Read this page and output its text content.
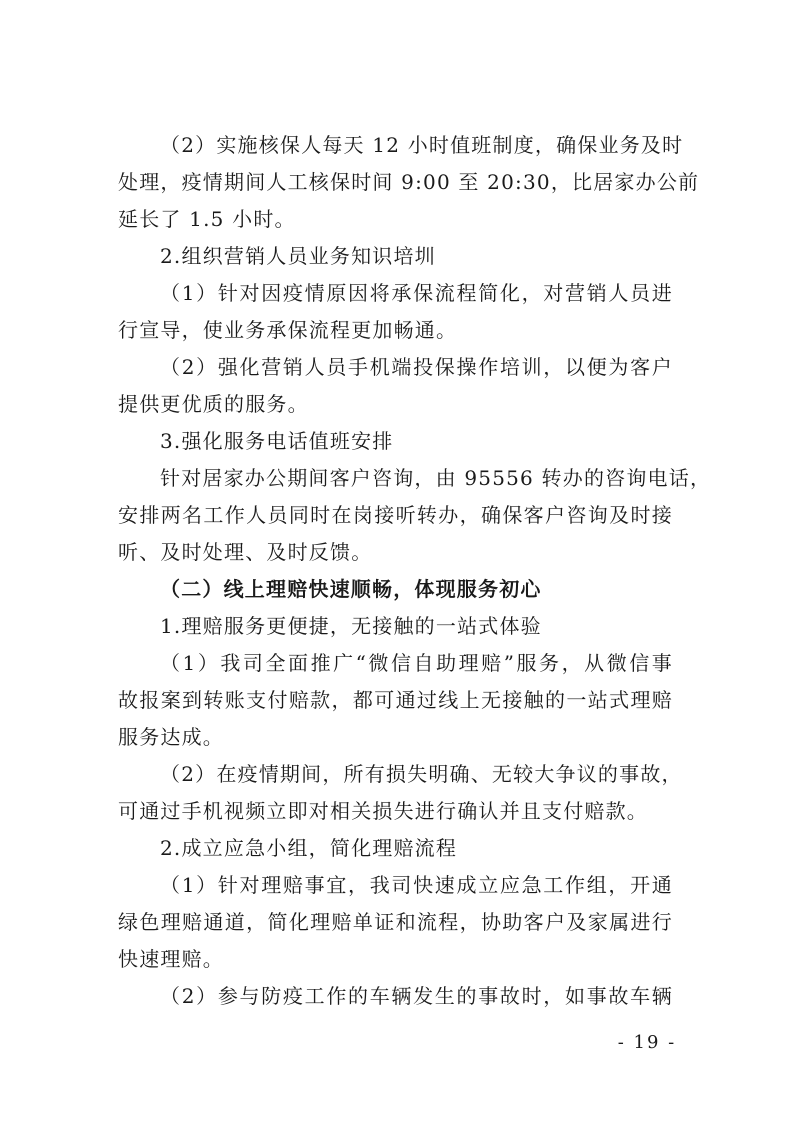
（2）实施核保人每天 12 小时值班制度，确保业务及时
处理，疫情期间人工核保时间 9:00 至 20:30，比居家办公前
延长了 1.5 小时。
2.组织营销人员业务知识培圳
（1）针对因疫情原因将承保流程简化，对营销人员进
行宣导，使业务承保流程更加畅通。
（2）强化营销人员手机端投保操作培训，以便为客户
提供更优质的服务。
3.强化服务电话值班安排
针对居家办公期间客户咨询，由 95556 转办的咨询电话，
安排两名工作人员同时在岗接听转办，确保客户咨询及时接
听、及时处理、及时反馈。
（二）线上理赔快速顺畅，体现服务初心
1.理赔服务更便捷，无接触的一站式体验
（1）我司全面推广“微信自助理赔”服务，从微信事
故报案到转账支付赔款，都可通过线上无接触的一站式理赔
服务达成。
（2）在疫情期间，所有损失明确、无较大争议的事故，
可通过手机视频立即对相关损失进行确认并且支付赔款。
2.成立应急小组，简化理赔流程
（1）针对理赔事宜，我司快速成立应急工作组，开通
绿色理赔通道，简化理赔单证和流程，协助客户及家属进行
快速理赔。
（2）参与防疫工作的车辆发生的事故时，如事故车辆
- 19 -
